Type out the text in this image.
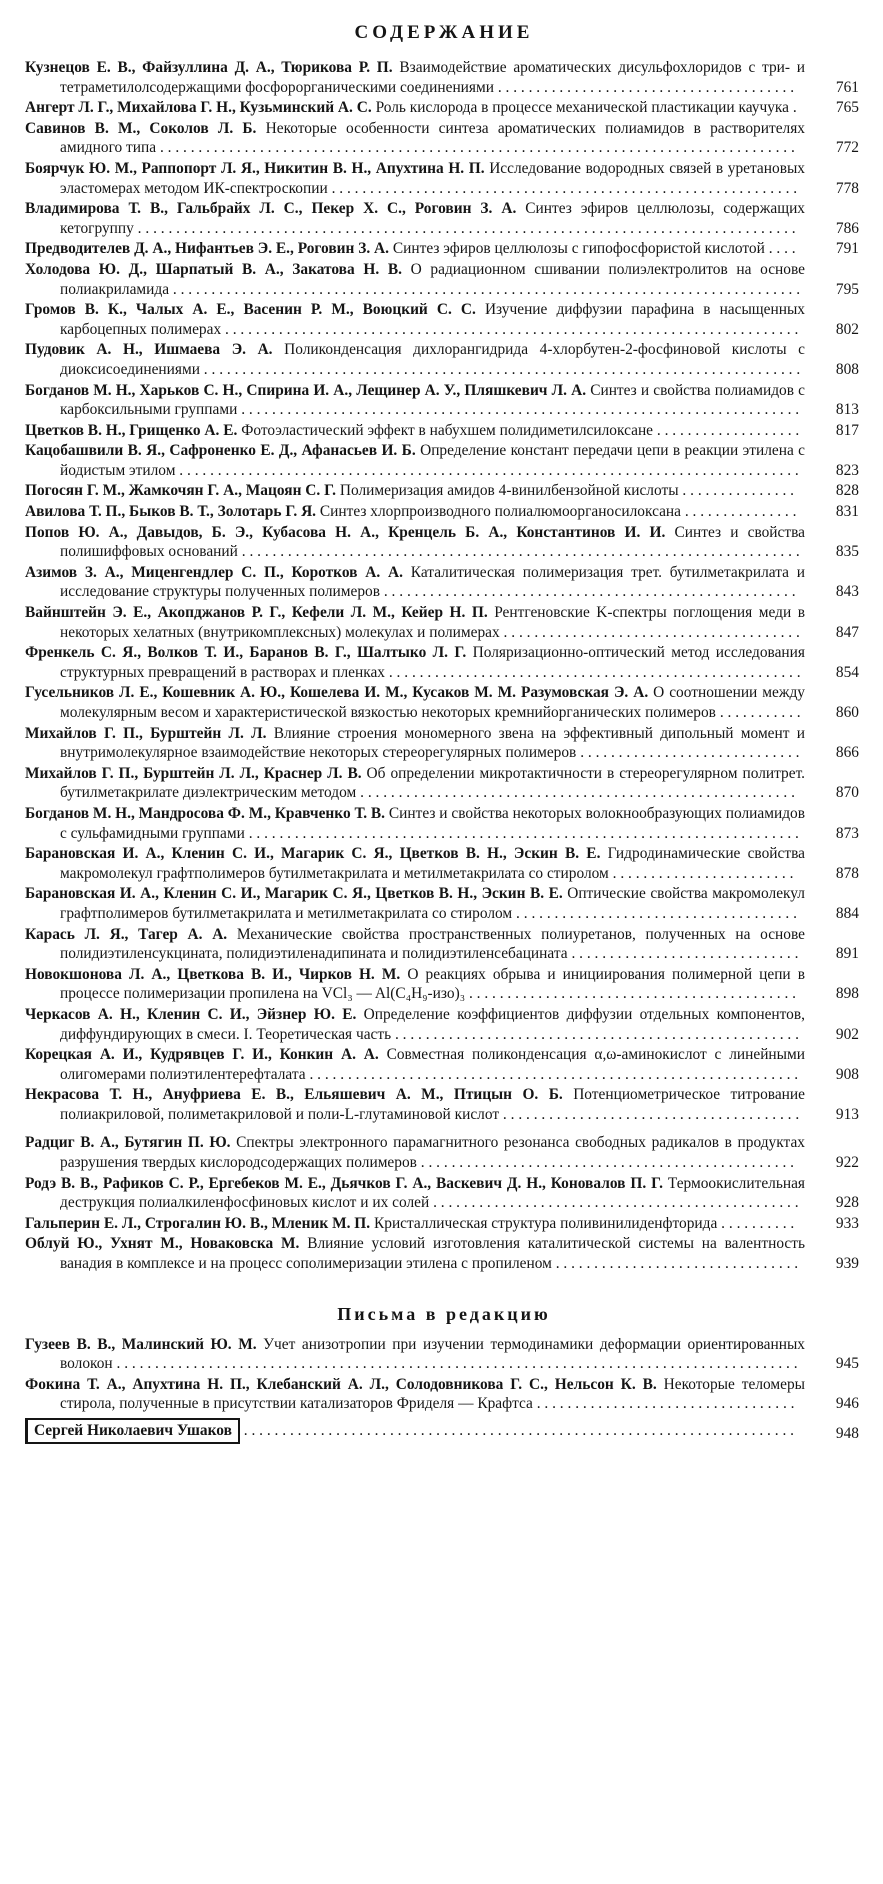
СОДЕРЖАНИЕ
Кузнецов Е. В., Файзуллина Д. А., Тюрикова Р. П. Взаимодействие ароматических дисульфохлоридов с три- и тетраметилолсодержащими фосфорорганическими соединениями . . . . . . . . . . . . . . . . . . . . . . . . . . . . . . . . . . . . . . .	761
Ангерт Л. Г., Михайлова Г. Н., Кузьминский А. С. Роль кислорода в процессе механической пластикации каучука .	765
Савинов В. М., Соколов Л. Б. Некоторые особенности синтеза ароматических полиамидов в растворителях амидного типа . . . . . . . . . . . . . . . . . . . . . . . . . . . . . . . . . . . . . . . . . . . . . . . . . . . . . . . . . . . . . . . . . . . . . . . . . . . . . . . . . . .	772
Боярчук Ю. М., Раппопорт Л. Я., Никитин В. Н., Апухтина Н. П. Исследование водородных связей в уретановых эластомерах методом ИК-спектроскопии . . . . . . . . . . . . . . . . . . . . . . . . . . . . . . . . . . . . . . . . . . . . . . . . . . . . . . . . . . . . .	778
Владимирова Т. В., Гальбрайх Л. С., Пекер Х. С., Роговин З. А. Синтез эфиров целлюлозы, содержащих кетогруппу . . . . . . . . . . . . . . . . . . . . . . . . . . . . . . . . . . . . . . . . . . . . . . . . . . . . . . . . . . . . . . . . . . . . . . . . . . . . . . . . . . . . . .	786
Предводителев Д. А., Нифантьев Э. Е., Роговин З. А. Синтез эфиров целлюлозы с гипофосфористой кислотой . . . .	791
Холодова Ю. Д., Шарпатый В. А., Закатова Н. В. О радиационном сшивании полиэлектролитов на основе полиакриламида . . . . . . . . . . . . . . . . . . . . . . . . . . . . . . . . . . . . . . . . . . . . . . . . . . . . . . . . . . . . . . . . . . . . . . . . . . . . . . . . . .	795
Громов В. К., Чалых А. Е., Васенин Р. М., Воюцкий С. С. Изучение диффузии парафина в насыщенных карбоцепных полимерах . . . . . . . . . . . . . . . . . . . . . . . . . . . . . . . . . . . . . . . . . . . . . . . . . . . . . . . . . . . . . . . . . . . . . . . . . . .	802
Пудовик А. Н., Ишмаева Э. А. Поликонденсация дихлорангидрида 4-хлорбутен-2-фосфиновой кислоты с диоксисоединениями . . . . . . . . . . . . . . . . . . . . . . . . . . . . . . . . . . . . . . . . . . . . . . . . . . . . . . . . . . . . . . . . . . . . . . . . . . . . . .	808
Богданов М. Н., Харьков С. Н., Спирина И. А., Лещинер А. У., Пляшкевич Л. А. Синтез и свойства полиамидов с карбоксильными группами . . . . . . . . . . . . . . . . . . . . . . . . . . . . . . . . . . . . . . . . . . . . . . . . . . . . . . . . . . . . . . . . . . . . . . . . .	813
Цветков В. Н., Грищенко А. Е. Фотоэластический эффект в набухшем полидиметилсилоксане . . . . . . . . . . . . . . . . . . .	817
Кацобашвили В. Я., Сафроненко Е. Д., Афанасьев И. Б. Определение констант передачи цепи в реакции этилена с йодистым этилом . . . . . . . . . . . . . . . . . . . . . . . . . . . . . . . . . . . . . . . . . . . . . . . . . . . . . . . . . . . . . . . . . . . . . . . . . . . . . . . . .	823
Погосян Г. М., Жамкочян Г. А., Мацоян С. Г. Полимеризация амидов 4-винилбензойной кислоты . . . . . . . . . . . . . . .	828
Авилова Т. П., Быков В. Т., Золотарь Г. Я. Синтез хлорпроизводного полиалюмоорганосилоксана . . . . . . . . . . . . . . .	831
Попов Ю. А., Давыдов, Б. Э., Кубасова Н. А., Кренцель Б. А., Константинов И. И. Синтез и свойства полишиффовых оснований . . . . . . . . . . . . . . . . . . . . . . . . . . . . . . . . . . . . . . . . . . . . . . . . . . . . . . . . . . . . . . . . . . . . . . . . .	835
Азимов З. А., Миценгендлер С. П., Коротков А. А. Каталитическая полимеризация трет. бутилметакрилата и исследование структуры полученных полимеров . . . . . . . . . . . . . . . . . . . . . . . . . . . . . . . . . . . . . . . . . . . . . . . . . . . . . .	843
Вайнштейн Э. Е., Акопджанов Р. Г., Кефели Л. М., Кейер Н. П. Рентгеновские K-спектры поглощения меди в некоторых хелатных (внутрикомплексных) молекулах и полимерах . . . . . . . . . . . . . . . . . . . . . . . . . . . . . . . . . . . . . . .	847
Френкель С. Я., Волков Т. И., Баранов В. Г., Шалтыко Л. Г. Поляризационно-оптический метод исследования структурных превращений в растворах и пленках . . . . . . . . . . . . . . . . . . . . . . . . . . . . . . . . . . . . . . . . . . . . . . . . . . . . . .	854
Гусельников Л. Е., Кошевник А. Ю., Кошелева И. М., Кусаков М. М. Разумовская Э. А. О соотношении между молекулярным весом и характеристической вязкостью некоторых кремнийорганических полимеров . . . . . . . . . . .	860
Михайлов Г. П., Бурштейн Л. Л. Влияние строения мономерного звена на эффективный дипольный момент и внутримолекулярное взаимодействие некоторых стереорегулярных полимеров . . . . . . . . . . . . . . . . . . . . . . . . . . . . .	866
Михайлов Г. П., Бурштейн Л. Л., Краснер Л. В. Об определении микротактичности в стереорегулярном политрет. бутилметакрилате диэлектрическим методом . . . . . . . . . . . . . . . . . . . . . . . . . . . . . . . . . . . . . . . . . . . . . . . . . . . . . . . . .	870
Богданов М. Н., Мандросова Ф. М., Кравченко Т. В. Синтез и свойства некоторых волокнообразующих полиамидов с сульфамидными группами . . . . . . . . . . . . . . . . . . . . . . . . . . . . . . . . . . . . . . . . . . . . . . . . . . . . . . . . . . . . . . . . . . . . . . . .	873
Барановская И. А., Кленин С. И., Магарик С. Я., Цветков В. Н., Эскин В. Е. Гидродинамические свойства макромолекул графтполимеров бутилметакрилата и метилметакрилата со стиролом . . . . . . . . . . . . . . . . . . . . . . . .	878
Барановская И. А., Кленин С. И., Магарик С. Я., Цветков В. Н., Эскин В. Е. Оптические свойства макромолекул графтполимеров бутилметакрилата и метилметакрилата со стиролом . . . . . . . . . . . . . . . . . . . . . . . . . . . . . . . . . . . . .	884
Карась Л. Я., Тагер А. А. Механические свойства пространственных полиуретанов, полученных на основе полидиэтиленсукцината, полидиэтиленадипината и полидиэтиленсебацината . . . . . . . . . . . . . . . . . . . . . . . . . . . . . .	891
Новокшонова Л. А., Цветкова В. И., Чирков Н. М. О реакциях обрыва и инициирования полимерной цепи в процессе полимеризации пропилена на VCl₃ — Al(C₄H₉-изо)₃ . . . . . . . . . . . . . . . . . . . . . . . . . . . . . . . . . . . . . . . . . . .	898
Черкасов А. Н., Кленин С. И., Эйзнер Ю. Е. Определение коэффициентов диффузии отдельных компонентов, диффундирующих в смеси. I. Теоретическая часть . . . . . . . . . . . . . . . . . . . . . . . . . . . . . . . . . . . . . . . . . . . . . . . . . . . . .	902
Корецкая А. И., Кудрявцев Г. И., Конкин А. А. Совместная поликонденсация α,ω-аминокислот с линейными олигомерами полиэтилентерефталата . . . . . . . . . . . . . . . . . . . . . . . . . . . . . . . . . . . . . . . . . . . . . . . . . . . . . . . . . . . . . . . .	908
Некрасова Т. Н., Ануфриева Е. В., Ельяшевич А. М., Птицын О. Б. Потенциометрическое титрование полиакриловой, полиметакриловой и поли-L-глутаминовой кислот . . . . . . . . . . . . . . . . . . . . . . . . . . . . . . . . . . . . . . .	913
Радциг В. А., Бутягин П. Ю. Спектры электронного парамагнитного резонанса свободных радикалов в продуктах разрушения твердых кислородсодержащих полимеров . . . . . . . . . . . . . . . . . . . . . . . . . . . . . . . . . . . . . . . . . . . . . . . . .	922
Родэ В. В., Рафиков С. Р., Ергебеков М. Е., Дьячков Г. А., Васкевич Д. Н., Коновалов П. Г. Термоокислительная деструкция полиалкиленфосфиновых кислот и их солей . . . . . . . . . . . . . . . . . . . . . . . . . . . . . . . . . . . . . . . . . . . . . . . .	928
Гальперин Е. Л., Строгалин Ю. В., Мленик М. П. Кристаллическая структура поливинилиденфторида . . . . . . . . . .	933
Облуй Ю., Ухнят М., Новаковска М. Влияние условий изготовления каталитической системы на валентность ванадия в комплексе и на процесс сополимеризации этилена с пропиленом . . . . . . . . . . . . . . . . . . . . . . . . . . . . . . . .	939
Письма в редакцию
Гузеев В. В., Малинский Ю. М. Учет анизотропии при изучении термодинамики деформации ориентированных волокон . . . . . . . . . . . . . . . . . . . . . . . . . . . . . . . . . . . . . . . . . . . . . . . . . . . . . . . . . . . . . . . . . . . . . . . . . . . . . . . . . . . . . . . . .	945
Фокина Т. А., Апухтина Н. П., Клебанский А. Л., Солодовникова Г. С., Нельсон К. В. Некоторые теломеры стирола, полученные в присутствии катализаторов Фриделя — Крафтса . . . . . . . . . . . . . . . . . . . . . . . . . . . . . . . . . .	946
Сергей Николаевич Ушаков . . . . . . . . . . . . . . . . . . . . . . . . . . . . . . . . . . . . . . . . . . . . . . . . . . . . . . . . . . . . . . . . . . . . . . . .	948
